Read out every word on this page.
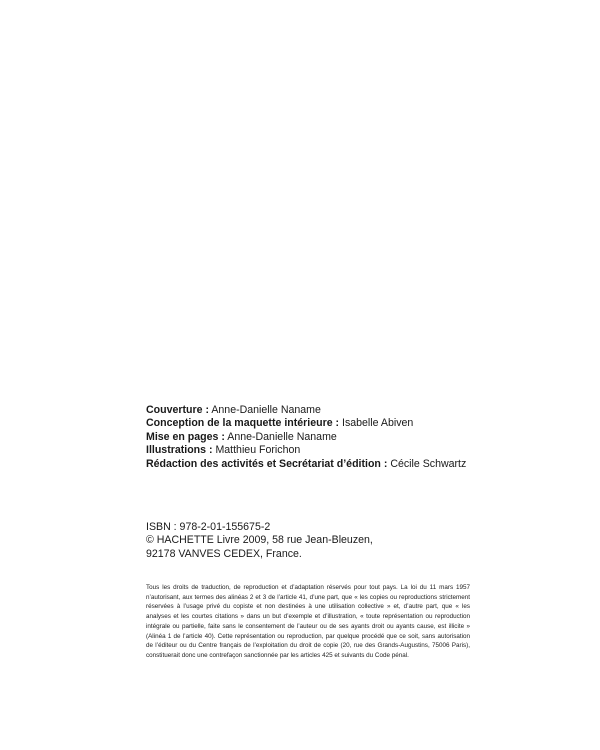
Couverture : Anne-Danielle Naname
Conception de la maquette intérieure : Isabelle Abiven
Mise en pages : Anne-Danielle Naname
Illustrations : Matthieu Forichon
Rédaction des activités et Secrétariat d’édition : Cécile Schwartz
ISBN : 978-2-01-155675-2
© HACHETTE Livre 2009, 58 rue Jean-Bleuzen,
92178 VANVES CEDEX, France.
Tous les droits de traduction, de reproduction et d’adaptation réservés pour tout pays. La loi du 11 mars 1957 n’autorisant, aux termes des alinéas 2 et 3 de l’article 41, d’une part, que « les copies ou reproductions strictement réservées à l’usage privé du copiste et non destinées à une utilisation collective » et, d’autre part, que « les analyses et les courtes citations » dans un but d’exemple et d’illustration, « toute représentation ou reproduction intégrale ou partielle, faite sans le consentement de l’auteur ou de ses ayants droit ou ayants cause, est illicite » (Alinéa 1 de l’article 40). Cette représentation ou reproduction, par quelque procédé que ce soit, sans autorisation de l’éditeur ou du Centre français de l’exploitation du droit de copie (20, rue des Grands-Augustins, 75006 Paris), constituerait donc une contrefaçon sanctionnée par les articles 425 et suivants du Code pénal.
